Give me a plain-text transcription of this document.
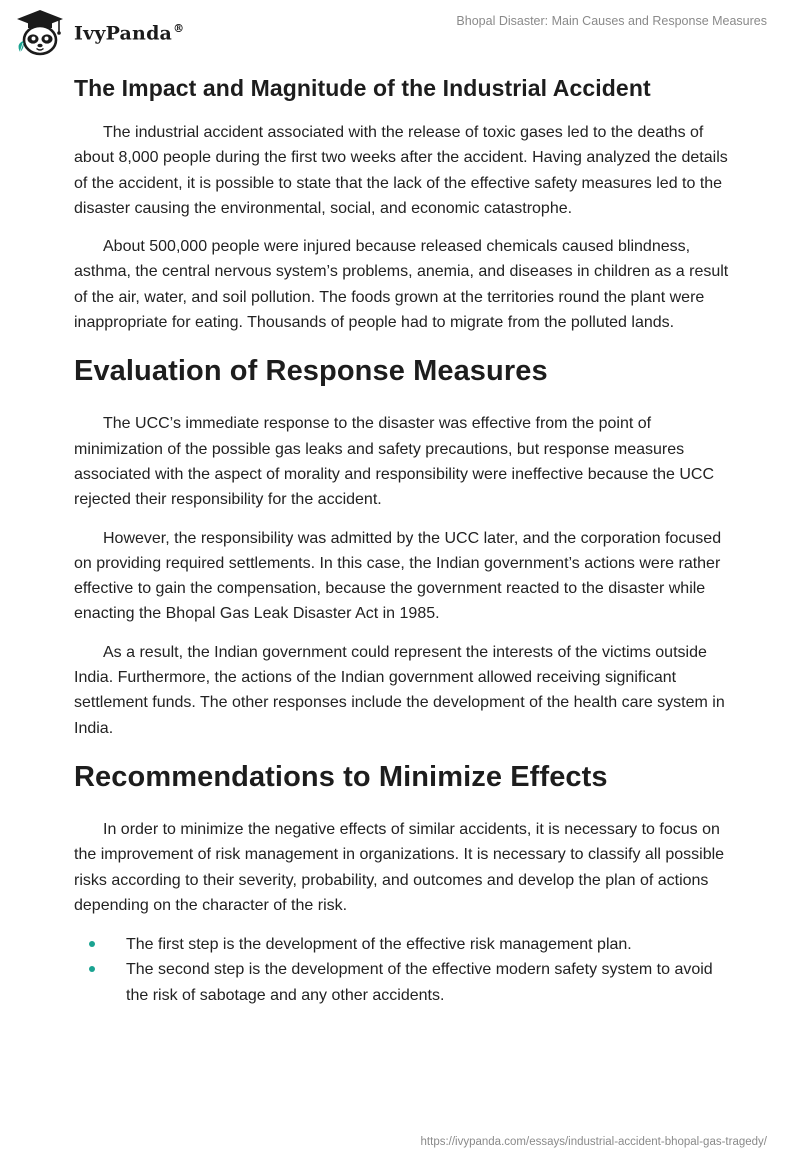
IvyPanda®
Bhopal Disaster: Main Causes and Response Measures
The Impact and Magnitude of the Industrial Accident

The industrial accident associated with the release of toxic gases led to the deaths of about 8,000 people during the first two weeks after the accident. Having analyzed the details of the accident, it is possible to state that the lack of the effective safety measures led to the disaster causing the environmental, social, and economic catastrophe.

About 500,000 people were injured because released chemicals caused blindness, asthma, the central nervous system’s problems, anemia, and diseases in children as a result of the air, water, and soil pollution. The foods grown at the territories round the plant were inappropriate for eating. Thousands of people had to migrate from the polluted lands.

Evaluation of Response Measures

The UCC’s immediate response to the disaster was effective from the point of minimization of the possible gas leaks and safety precautions, but response measures associated with the aspect of morality and responsibility were ineffective because the UCC rejected their responsibility for the accident.

However, the responsibility was admitted by the UCC later, and the corporation focused on providing required settlements. In this case, the Indian government’s actions were rather effective to gain the compensation, because the government reacted to the disaster while enacting the Bhopal Gas Leak Disaster Act in 1985.

As a result, the Indian government could represent the interests of the victims outside India. Furthermore, the actions of the Indian government allowed receiving significant settlement funds. The other responses include the development of the health care system in India.

Recommendations to Minimize Effects

In order to minimize the negative effects of similar accidents, it is necessary to focus on the improvement of risk management in organizations. It is necessary to classify all possible risks according to their severity, probability, and outcomes and develop the plan of actions depending on the character of the risk.

The first step is the development of the effective risk management plan.
The second step is the development of the effective modern safety system to avoid the risk of sabotage and any other accidents.
https://ivypanda.com/essays/industrial-accident-bhopal-gas-tragedy/
